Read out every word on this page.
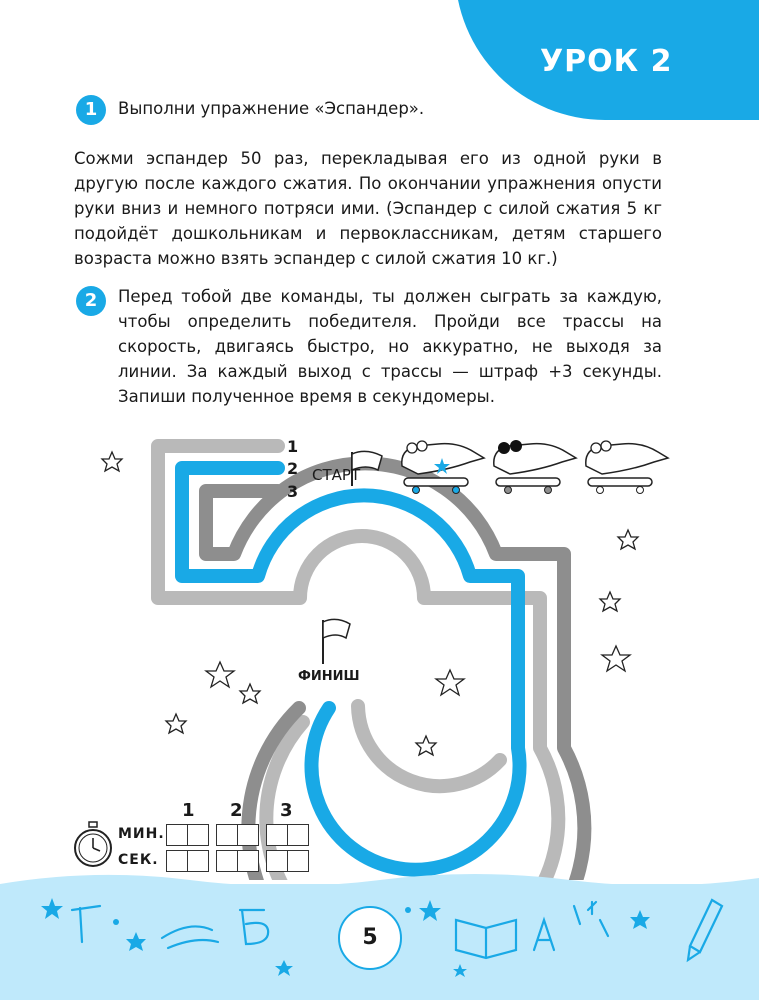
УРОК 2
1	Выполни упражнение «Эспандер».
Сожми эспандер 50 раз, перекладывая его из одной руки в другую после каждого сжатия. По окончании упражнения опусти руки вниз и немного потряси ими. (Эспандер с силой сжатия 5 кг подойдёт дошкольникам и первоклассникам, детям старшего возраста можно взять эспандер с силой сжатия 10 кг.)
2	Перед тобой две команды, ты должен сыграть за каждую, чтобы определить победителя. Пройди все трассы на скорость, двигаясь быстро, но аккуратно, не выходя за линии. За каждый выход с трассы — штраф +3 секунды. Запиши полученное время в секундомеры.
1
2
3
СТАРТ
ФИНИШ
1 2 3
МИН.
СЕК.
5
